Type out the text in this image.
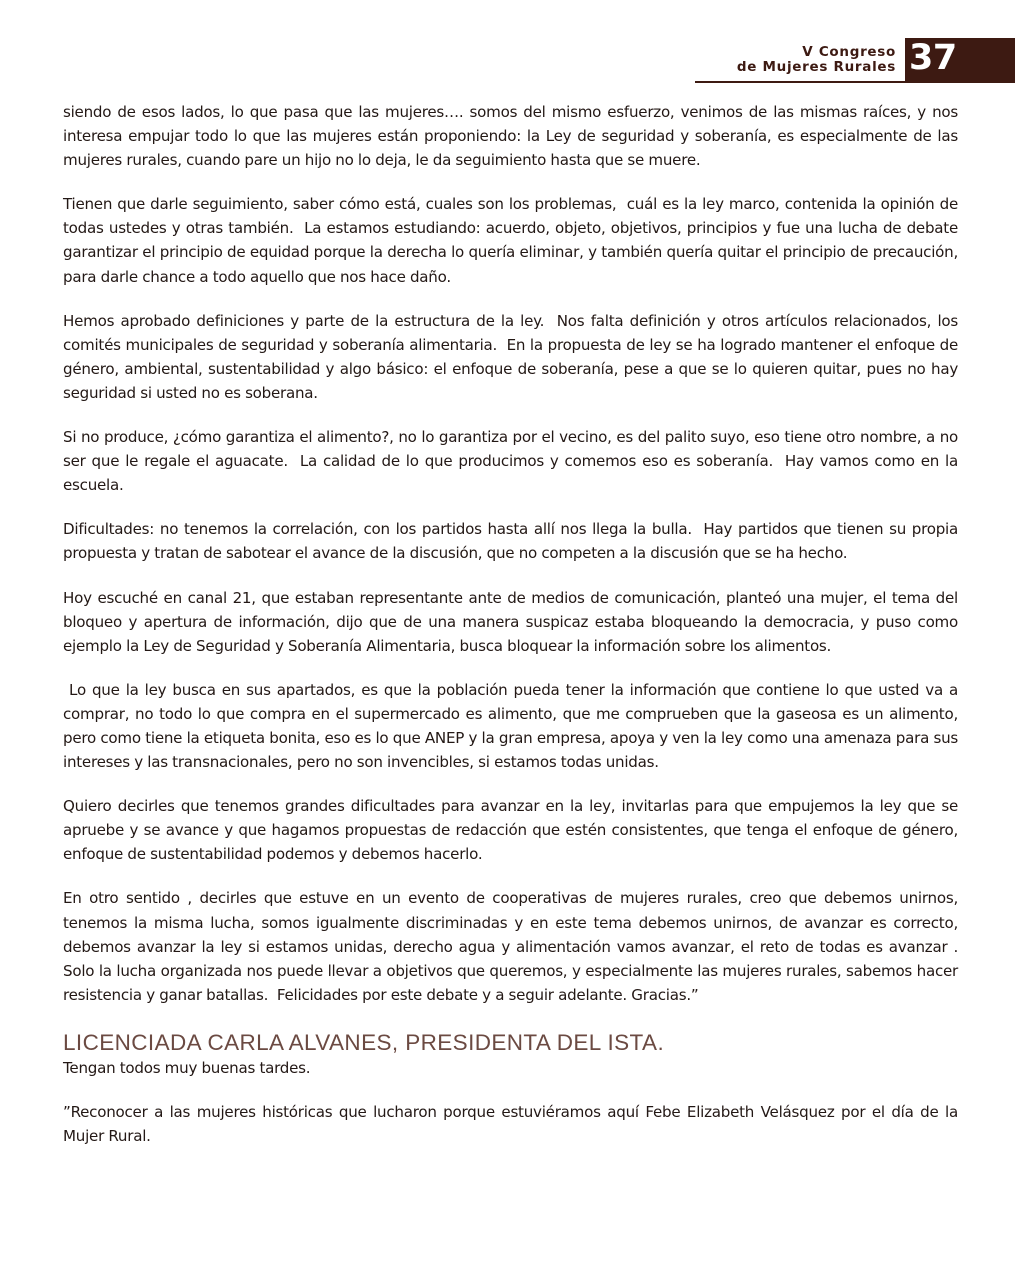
V Congreso
de Mujeres Rurales 37

siendo de esos lados, lo que pasa que las mujeres…. somos del mismo esfuerzo, venimos de las mismas raíces, y nos interesa empujar todo lo que las mujeres están proponiendo: la Ley de seguridad y soberanía, es especialmente de las mujeres rurales, cuando pare un hijo no lo deja, le da seguimiento hasta que se muere.

Tienen que darle seguimiento, saber cómo está, cuales son los problemas,  cuál es la ley marco, contenida la opinión de todas ustedes y otras también.  La estamos estudiando: acuerdo, objeto, objetivos, principios y fue una lucha de debate garantizar el principio de equidad porque la derecha lo quería eliminar, y también quería quitar el principio de precaución, para darle chance a todo aquello que nos hace daño.

Hemos aprobado definiciones y parte de la estructura de la ley.  Nos falta definición y otros artículos relacionados, los comités municipales de seguridad y soberanía alimentaria.  En la propuesta de ley se ha logrado mantener el enfoque de género, ambiental, sustentabilidad y algo básico: el enfoque de soberanía, pese a que se lo quieren quitar, pues no hay seguridad si usted no es soberana.

Si no produce, ¿cómo garantiza el alimento?, no lo garantiza por el vecino, es del palito suyo, eso tiene otro nombre, a no ser que le regale el aguacate.  La calidad de lo que producimos y comemos eso es soberanía.  Hay vamos como en la escuela.

Dificultades: no tenemos la correlación, con los partidos hasta allí nos llega la bulla.  Hay partidos que tienen su propia propuesta y tratan de sabotear el avance de la discusión, que no competen a la discusión que se ha hecho.

Hoy escuché en canal 21, que estaban representante ante de medios de comunicación, planteó una mujer, el tema del bloqueo y apertura de información, dijo que de una manera suspicaz estaba bloqueando la democracia, y puso como ejemplo la Ley de Seguridad y Soberanía Alimentaria, busca bloquear la información sobre los alimentos.

Lo que la ley busca en sus apartados, es que la población pueda tener la información que contiene lo que usted va a comprar, no todo lo que compra en el supermercado es alimento, que me comprueben que la gaseosa es un alimento, pero como tiene la etiqueta bonita, eso es lo que ANEP y la gran empresa, apoya y ven la ley como una amenaza para sus intereses y las transnacionales, pero no son invencibles, si estamos todas unidas.

Quiero decirles que tenemos grandes dificultades para avanzar en la ley, invitarlas para que empujemos la ley que se apruebe y se avance y que hagamos propuestas de redacción que estén consistentes, que tenga el enfoque de género, enfoque de sustentabilidad podemos y debemos hacerlo.

En otro sentido , decirles que estuve en un evento de cooperativas de mujeres rurales, creo que debemos unirnos, tenemos la misma lucha, somos igualmente discriminadas y en este tema debemos unirnos, de avanzar es correcto, debemos avanzar la ley si estamos unidas, derecho agua y alimentación vamos avanzar, el reto de todas es avanzar . Solo la lucha organizada nos puede llevar a objetivos que queremos, y especialmente las mujeres rurales, sabemos hacer resistencia y ganar batallas.  Felicidades por este debate y a seguir adelante. Gracias.”

LICENCIADA CARLA ALVANES, PRESIDENTA DEL ISTA.

Tengan todos muy buenas tardes.

”Reconocer a las mujeres históricas que lucharon porque estuviéramos aquí Febe Elizabeth Velásquez por el día de la Mujer Rural.
